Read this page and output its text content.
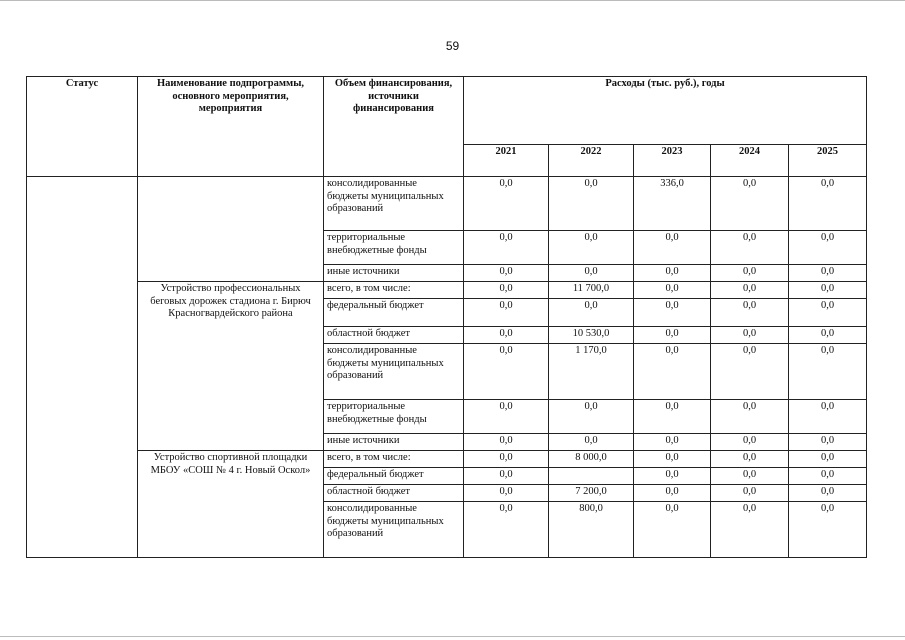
59
Статус	Наименование подпрограммы, основного мероприятия, мероприятия	Объем финансирования, источники финансирования	Расходы (тыс. руб.), годы				
			2021	2022	2023	2024	2025
		консолидированные бюджеты муниципальных образований	0,0	0,0	336,0	0,0	0,0
		территориальные внебюджетные фонды	0,0	0,0	0,0	0,0	0,0
		иные источники	0,0	0,0	0,0	0,0	0,0
	Устройство профессиональных беговых дорожек стадиона г. Бирюч Красногвардейского района	всего, в том числе:	0,0	11 700,0	0,0	0,0	0,0
		федеральный бюджет	0,0	0,0	0,0	0,0	0,0
		областной бюджет	0,0	10 530,0	0,0	0,0	0,0
		консолидированные бюджеты муниципальных образований	0,0	1 170,0	0,0	0,0	0,0
		территориальные внебюджетные фонды	0,0	0,0	0,0	0,0	0,0
		иные источники	0,0	0,0	0,0	0,0	0,0
	Устройство спортивной площадки МБОУ «СОШ № 4 г. Новый Оскол»	всего, в том числе:	0,0	8 000,0	0,0	0,0	0,0
		федеральный бюджет	0,0		0,0	0,0	0,0
		областной бюджет	0,0	7 200,0	0,0	0,0	0,0
		консолидированные бюджеты муниципальных образований	0,0	800,0	0,0	0,0	0,0
